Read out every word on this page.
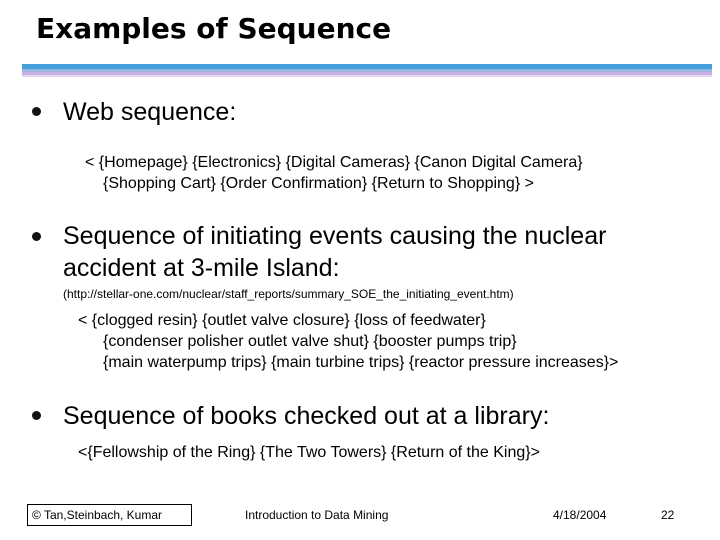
Examples of Sequence
Web sequence:
< {Homepage} {Electronics} {Digital Cameras} {Canon Digital Camera}
{Shopping Cart} {Order Confirmation} {Return to Shopping} >
Sequence of initiating events causing the nuclear
accident at 3-mile Island:
(http://stellar-one.com/nuclear/staff_reports/summary_SOE_the_initiating_event.htm)
< {clogged resin} {outlet valve closure} {loss of feedwater}
{condenser polisher outlet valve shut} {booster pumps trip}
{main waterpump trips} {main turbine trips} {reactor pressure increases}>
Sequence of books checked out at a library:
<{Fellowship of the Ring} {The Two Towers} {Return of the King}>
© Tan,Steinbach, Kumar	Introduction to Data Mining	4/18/2004	22
